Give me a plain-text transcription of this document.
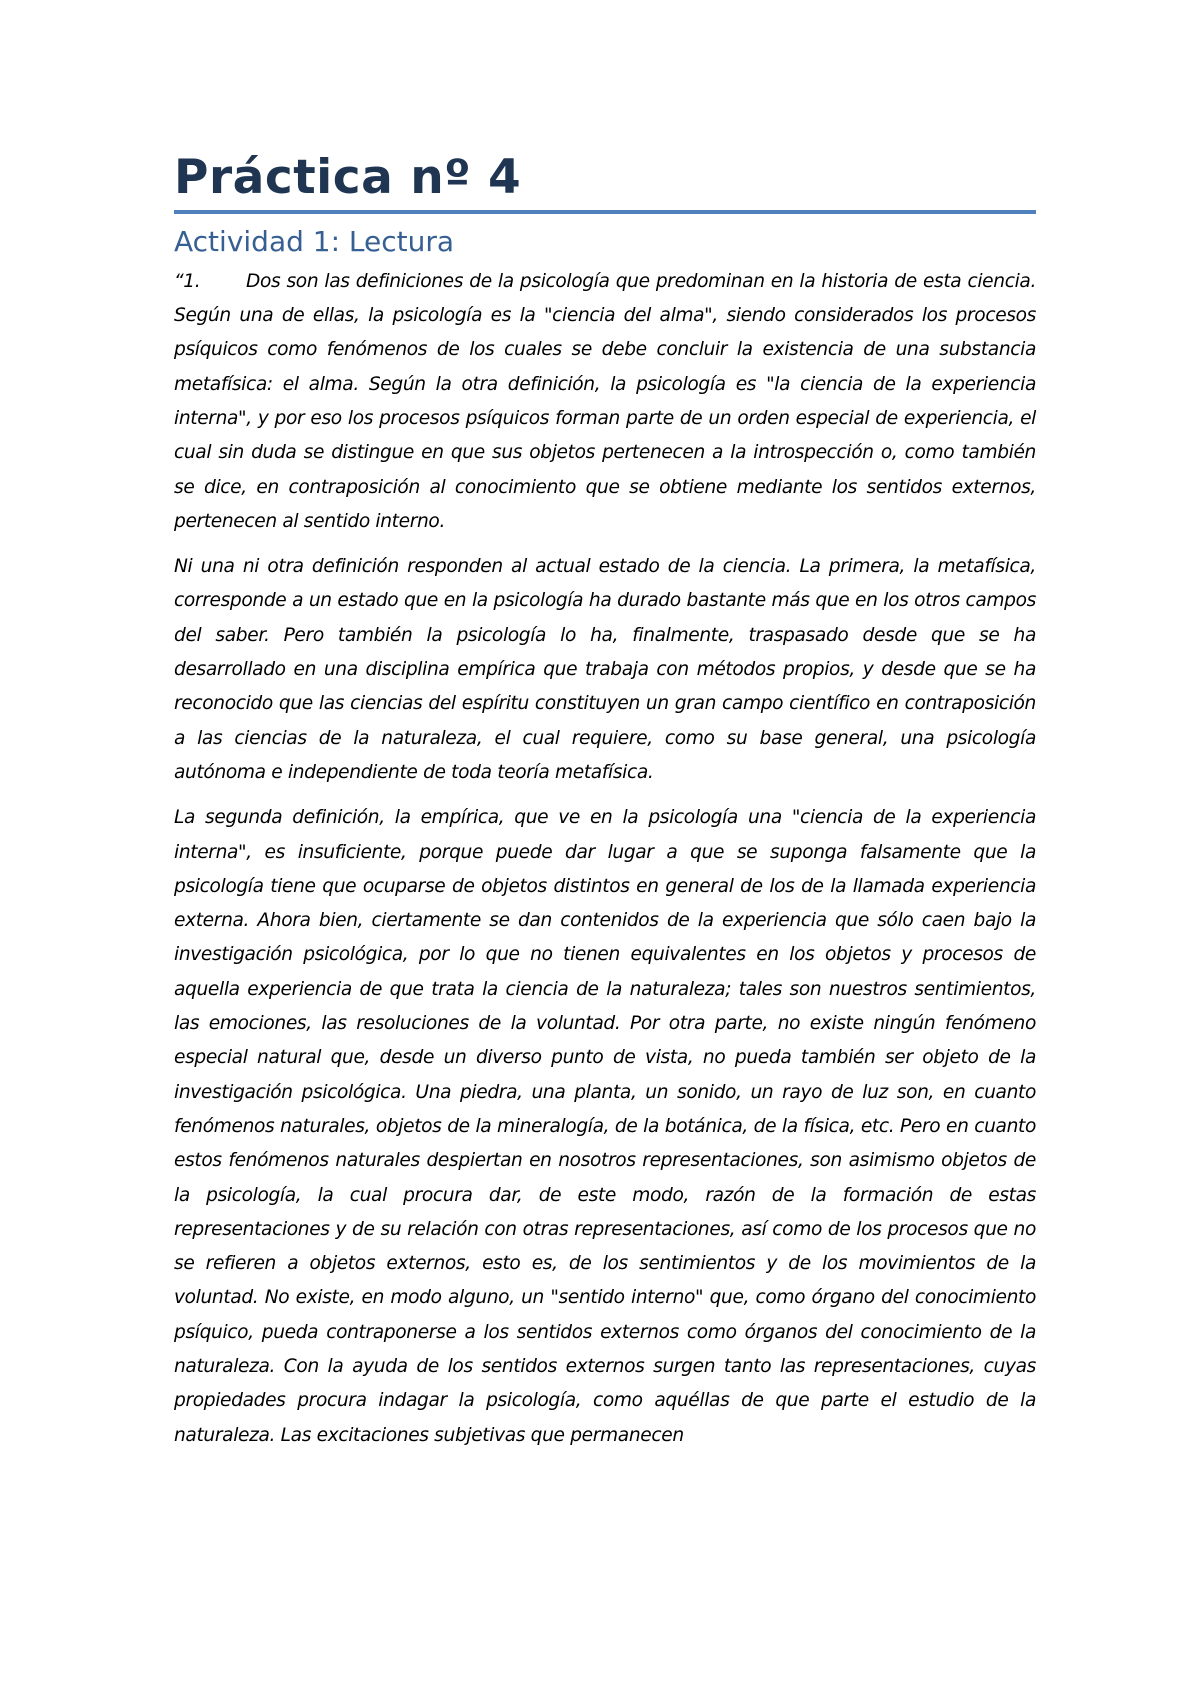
Práctica nº 4
Actividad 1: Lectura

“1. Dos son las definiciones de la psicología que predominan en la historia de esta ciencia. Según una de ellas, la psicología es la "ciencia del alma", siendo considerados los procesos psíquicos como fenómenos de los cuales se debe concluir la existencia de una substancia metafísica: el alma. Según la otra definición, la psicología es "la ciencia de la experiencia interna", y por eso los procesos psíquicos forman parte de un orden especial de experiencia, el cual sin duda se distingue en que sus objetos pertenecen a la introspección o, como también se dice, en contraposición al conocimiento que se obtiene mediante los sentidos externos, pertenecen al sentido interno.

Ni una ni otra definición responden al actual estado de la ciencia. La primera, la metafísica, corresponde a un estado que en la psicología ha durado bastante más que en los otros campos del saber. Pero también la psicología lo ha, finalmente, traspasado desde que se ha desarrollado en una disciplina empírica que trabaja con métodos propios, y desde que se ha reconocido que las ciencias del espíritu constituyen un gran campo científico en contraposición a las ciencias de la naturaleza, el cual requiere, como su base general, una psicología autónoma e independiente de toda teoría metafísica.

La segunda definición, la empírica, que ve en la psicología una "ciencia de la experiencia interna", es insuficiente, porque puede dar lugar a que se suponga falsamente que la psicología tiene que ocuparse de objetos distintos en general de los de la llamada experiencia externa. Ahora bien, ciertamente se dan contenidos de la experiencia que sólo caen bajo la investigación psicológica, por lo que no tienen equivalentes en los objetos y procesos de aquella experiencia de que trata la ciencia de la naturaleza; tales son nuestros sentimientos, las emociones, las resoluciones de la voluntad. Por otra parte, no existe ningún fenómeno especial natural que, desde un diverso punto de vista, no pueda también ser objeto de la investigación psicológica. Una piedra, una planta, un sonido, un rayo de luz son, en cuanto fenómenos naturales, objetos de la mineralogía, de la botánica, de la física, etc. Pero en cuanto estos fenómenos naturales despiertan en nosotros representaciones, son asimismo objetos de la psicología, la cual procura dar, de este modo, razón de la formación de estas representaciones y de su relación con otras representaciones, así como de los procesos que no se refieren a objetos externos, esto es, de los sentimientos y de los movimientos de la voluntad. No existe, en modo alguno, un "sentido interno" que, como órgano del conocimiento psíquico, pueda contraponerse a los sentidos externos como órganos del conocimiento de la naturaleza. Con la ayuda de los sentidos externos surgen tanto las representaciones, cuyas propiedades procura indagar la psicología, como aquéllas de que parte el estudio de la naturaleza. Las excitaciones subjetivas que permanecen
